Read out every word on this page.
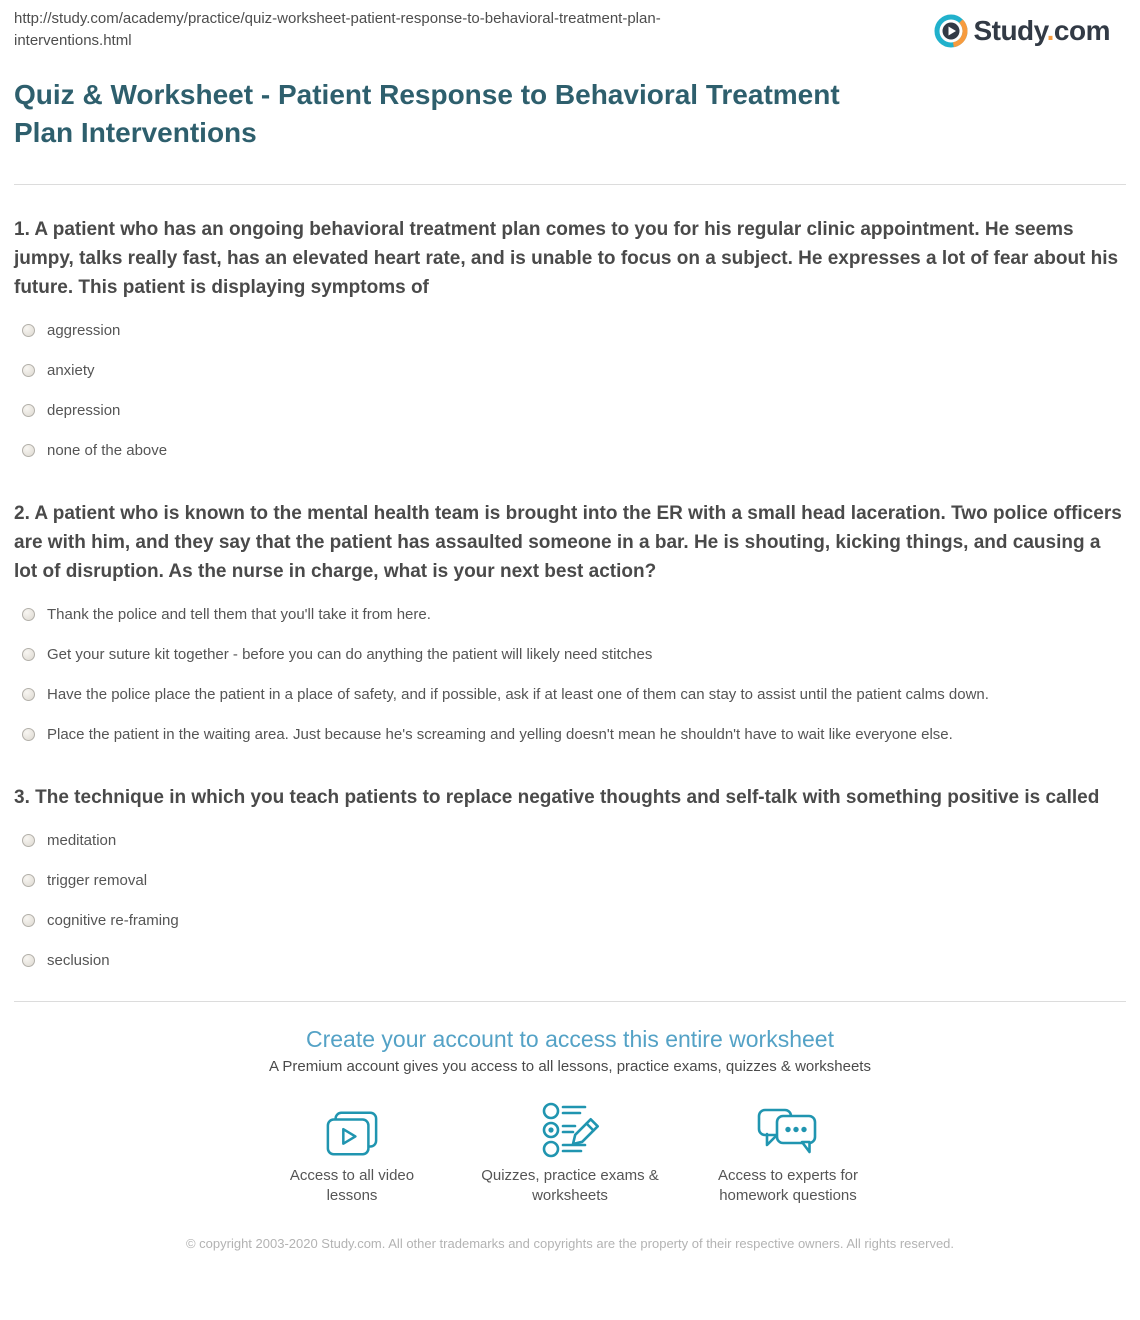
http://study.com/academy/practice/quiz-worksheet-patient-response-to-behavioral-treatment-plan-interventions.html	Study.com
Quiz & Worksheet - Patient Response to Behavioral Treatment Plan Interventions

1. A patient who has an ongoing behavioral treatment plan comes to you for his regular clinic appointment. He seems jumpy, talks really fast, has an elevated heart rate, and is unable to focus on a subject. He expresses a lot of fear about his future. This patient is displaying symptoms of

aggression
anxiety
depression
none of the above

2. A patient who is known to the mental health team is brought into the ER with a small head laceration. Two police officers are with him, and they say that the patient has assaulted someone in a bar. He is shouting, kicking things, and causing a lot of disruption. As the nurse in charge, what is your next best action?

Thank the police and tell them that you'll take it from here.
Get your suture kit together - before you can do anything the patient will likely need stitches
Have the police place the patient in a place of safety, and if possible, ask if at least one of them can stay to assist until the patient calms down.
Place the patient in the waiting area. Just because he's screaming and yelling doesn't mean he shouldn't have to wait like everyone else.

3. The technique in which you teach patients to replace negative thoughts and self-talk with something positive is called

meditation
trigger removal
cognitive re-framing
seclusion
Create your account to access this entire worksheet

A Premium account gives you access to all lessons, practice exams, quizzes & worksheets

Access to all video lessons
Quizzes, practice exams & worksheets
Access to experts for homework questions

© copyright 2003-2020 Study.com. All other trademarks and copyrights are the property of their respective owners. All rights reserved.
